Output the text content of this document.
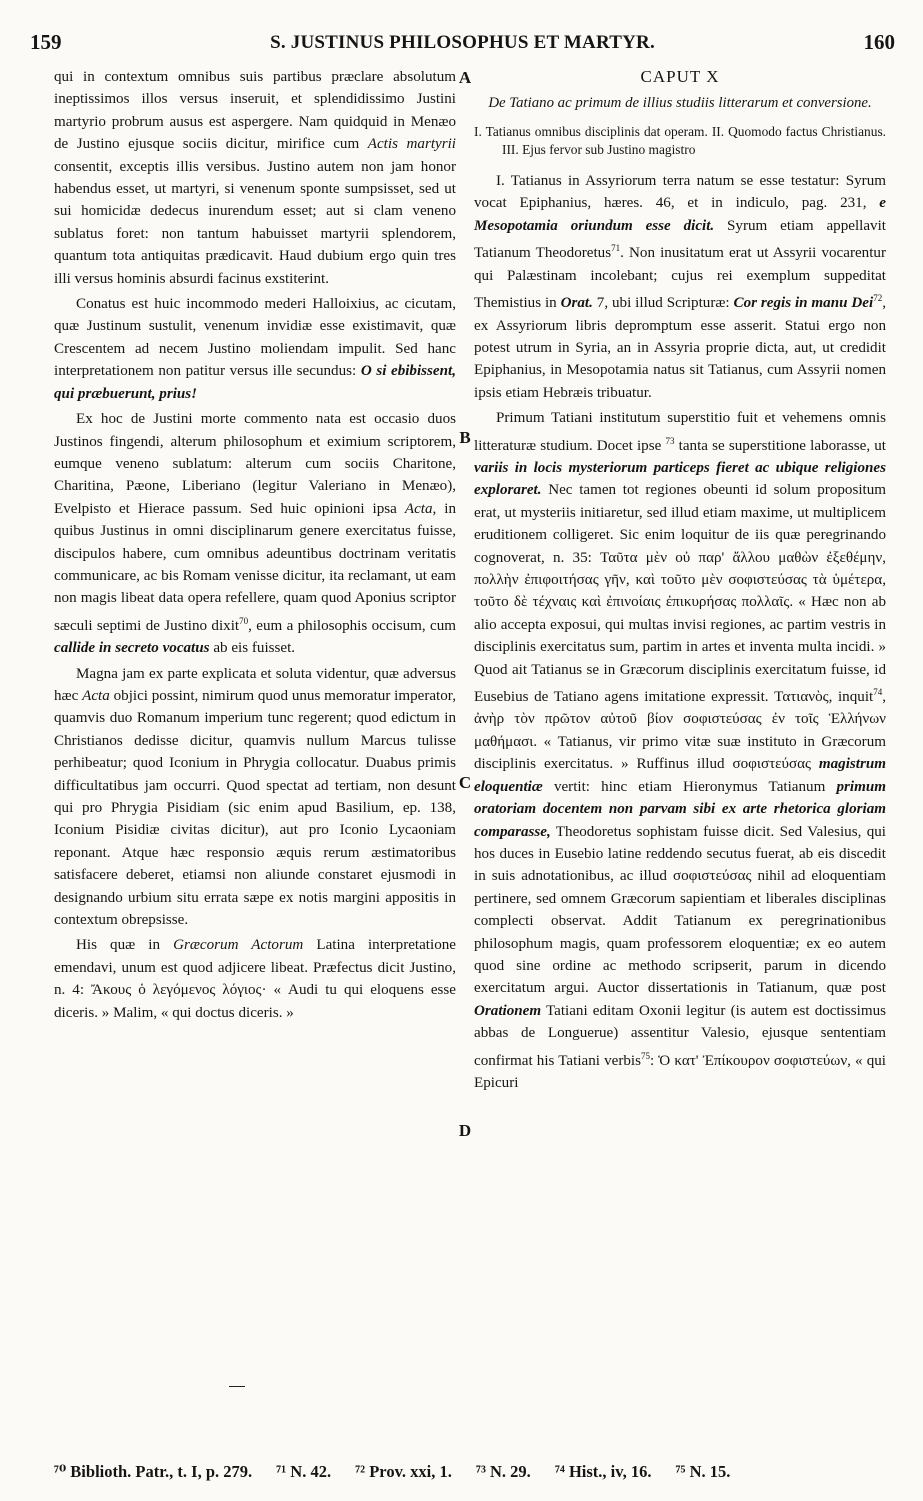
159	S. JUSTINUS PHILOSOPHUS ET MARTYR.	160
A
B
C
D

qui in contextum omnibus suis partibus præclare absolutum ineptissimos illos versus inseruit, et splendidissimo Justini martyrio probrum ausus est aspergere. Nam quidquid in Menæo de Justino ejusque sociis dicitur, mirifice cum Actis martyrii consentit, exceptis illis versibus. Justino autem non jam honor habendus esset, ut martyri, si venenum sponte sumpsisset, sed ut sui homicidæ dedecus inurendum esset; aut si clam veneno sublatus foret: non tantum habuisset martyrii splendorem, quantum tota antiquitas prædicavit. Haud dubium ergo quin tres illi versus hominis absurdi facinus exstiterint.

Conatus est huic incommodo mederi Halloixius, ac cicutam, quæ Justinum sustulit, venenum invidiæ esse existimavit, quæ Crescentem ad necem Justino moliendam impulit. Sed hanc interpretationem non patitur versus ille secundus: O si ebibissent, qui præbuerunt, prius!

Ex hoc de Justini morte commento nata est occasio duos Justinos fingendi, alterum philosophum et eximium scriptorem, eumque veneno sublatum: alterum cum sociis Charitone, Charitina, Pæone, Liberiano (legitur Valeriano in Menæo), Evelpisto et Hierace passum. Sed huic opinioni ipsa Acta, in quibus Justinus in omni disciplinarum genere exercitatus fuisse, discipulos habere, cum omnibus adeuntibus doctrinam veritatis communicare, ac bis Romam venisse dicitur, ita reclamant, ut eam non magis libeat data opera refellere, quam quod Aponius scriptor sæculi septimi de Justino dixit$^{70}$, eum a philosophis occisum, cum callide in secreto vocatus ab eis fuisset.

Magna jam ex parte explicata et soluta videntur, quæ adversus hæc Acta objici possint, nimirum quod unus memoratur imperator, quamvis duo Romanum imperium tunc regerent; quod edictum in Christianos dedisse dicitur, quamvis nullum Marcus tulisse perhibeatur; quod Iconium in Phrygia collocatur. Duabus primis difficultatibus jam occurri. Quod spectat ad tertiam, non desunt qui pro Phrygia Pisidiam (sic enim apud Basilium, ep. 138, Iconium Pisidiæ civitas dicitur), aut pro Iconio Lycaoniam reponant. Atque hæc responsio æquis rerum æstimatoribus satisfacere deberet, etiamsi non aliunde constaret ejusmodi in designando urbium situ errata sæpe ex notis margini appositis in contextum obrepsisse.

His quæ in Græcorum Actorum Latina interpretatione emendavi, unum est quod adjicere libeat. Præfectus dicit Justino, n. 4: Ἄκους ὁ λεγόμενος λόγιος· « Audi tu qui eloquens esse diceris. » Malim, « qui doctus diceris. »

CAPUT X
De Tatiano ac primum de illius studiis litterarum et conversione.
I. Tatianus omnibus disciplinis dat operam. II. Quomodo factus Christianus. III. Ejus fervor sub Justino magistro

I. Tatianus in Assyriorum terra natum se esse testatur: Syrum vocat Epiphanius, hæres. 46, et in indiculo, pag. 231, e Mesopotamia oriundum esse dicit. Syrum etiam appellavit Tatianum Theodoretus$^{71}$. Non inusitatum erat ut Assyrii vocarentur qui Palæstinam incolebant; cujus rei exemplum suppeditat Themistius in Orat. 7, ubi illud Scripturæ: Cor regis in manu Dei$^{72}$, ex Assyriorum libris depromptum esse asserit. Statui ergo non potest utrum in Syria, an in Assyria proprie dicta, aut, ut credidit Epiphanius, in Mesopotamia natus sit Tatianus, cum Assyrii nomen ipsis etiam Hebræis tribuatur.

Primum Tatiani institutum superstitio fuit et vehemens omnis litteraturæ studium. Docet ipse $^{73}$ tanta se superstitione laborasse, ut variis in locis mysteriorum particeps fieret ac ubique religiones exploraret. Nec tamen tot regiones obeunti id solum propositum erat, ut mysteriis initiaretur, sed illud etiam maxime, ut multiplicem eruditionem colligeret. Sic enim loquitur de iis quæ peregrinando cognoverat, n. 35: Ταῦτα μὲν οὐ παρ' ἄλλου μαθὼν ἐξεθέμην, πολλὴν ἐπιφοιτήσας γῆν, καὶ τοῦτο μὲν σοφιστεύσας τὰ ὑμέτερα, τοῦτο δὲ τέχναις καὶ ἐπινοίαις ἐπικυρήσας πολλαῖς. « Hæc non ab alio accepta exposui, qui multas invisi regiones, ac partim vestris in disciplinis exercitatus sum, partim in artes et inventa multa incidi. » Quod ait Tatianus se in Græcorum disciplinis exercitatum fuisse, id Eusebius de Tatiano agens imitatione expressit. Τατιανὸς, inquit$^{74}$, ἀνὴρ τὸν πρῶτον αὐτοῦ βίον σοφιστεύσας ἐν τοῖς Ἑλλήνων μαθήμασι. « Tatianus, vir primo vitæ suæ instituto in Græcorum disciplinis exercitatus. » Ruffinus illud σοφιστεύσας magistrum eloquentiæ vertit: hinc etiam Hieronymus Tatianum primum oratoriam docentem non parvam sibi ex arte rhetorica gloriam comparasse, Theodoretus sophistam fuisse dicit. Sed Valesius, qui hos duces in Eusebio latine reddendo secutus fuerat, ab eis discedit in suis adnotationibus, ac illud σοφιστεύσας nihil ad eloquentiam pertinere, sed omnem Græcorum sapientiam et liberales disciplinas complecti observat. Addit Tatianum ex peregrinationibus philosophum magis, quam professorem eloquentiæ; ex eo autem quod sine ordine ac methodo scripserit, parum in dicendo exercitatum argui. Auctor dissertationis in Tatianum, quæ post Orationem Tatiani editam Oxonii legitur (is autem est doctissimus abbas de Longuerue) assentitur Valesio, ejusque sententiam confirmat his Tatiani verbis$^{75}$: Ὁ κατ' Ἐπίκουρον σοφιστεύων, « qui Epicuri

⁷⁰ Biblioth. Patr., t. I, p. 279. ⁷¹ N. 42. ⁷² Prov. xxi, 1. ⁷³ N. 29. ⁷⁴ Hist., iv, 16. ⁷⁵ N. 15.
